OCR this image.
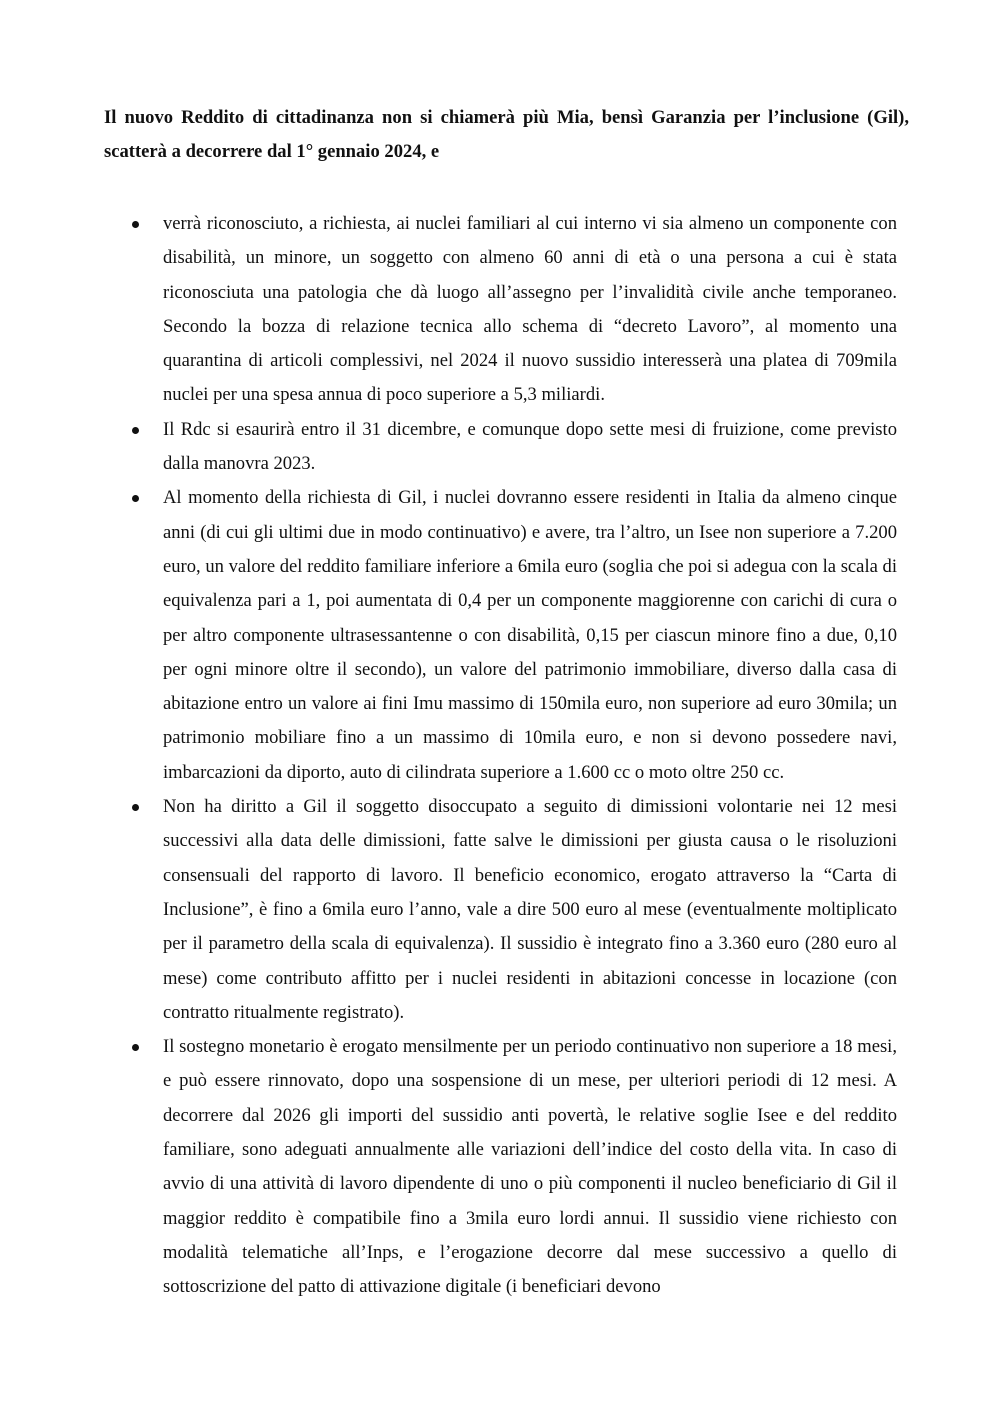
Il nuovo Reddito di cittadinanza non si chiamerà più Mia, bensì Garanzia per l’inclusione (Gil), scatterà a decorrere dal 1° gennaio 2024, e

verrà riconosciuto, a richiesta, ai nuclei familiari al cui interno vi sia almeno un componente con disabilità, un minore, un soggetto con almeno 60 anni di età o una persona a cui è stata riconosciuta una patologia che dà luogo all’assegno per l’invalidità civile anche temporaneo. Secondo la bozza di relazione tecnica allo schema di “decreto Lavoro”, al momento una quarantina di articoli complessivi, nel 2024 il nuovo sussidio interesserà una platea di 709mila nuclei per una spesa annua di poco superiore a 5,3 miliardi.
Il Rdc si esaurirà entro il 31 dicembre, e comunque dopo sette mesi di fruizione, come previsto dalla manovra 2023.
Al momento della richiesta di Gil, i nuclei dovranno essere residenti in Italia da almeno cinque anni (di cui gli ultimi due in modo continuativo) e avere, tra l’altro, un Isee non superiore a 7.200 euro, un valore del reddito familiare inferiore a 6mila euro (soglia che poi si adegua con la scala di equivalenza pari a 1, poi aumentata di 0,4 per un componente maggiorenne con carichi di cura o per altro componente ultrasessantenne o con disabilità, 0,15 per ciascun minore fino a due, 0,10 per ogni minore oltre il secondo), un valore del patrimonio immobiliare, diverso dalla casa di abitazione entro un valore ai fini Imu massimo di 150mila euro, non superiore ad euro 30mila; un patrimonio mobiliare fino a un massimo di 10mila euro, e non si devono possedere navi, imbarcazioni da diporto, auto di cilindrata superiore a 1.600 cc o moto oltre 250 cc.
Non ha diritto a Gil il soggetto disoccupato a seguito di dimissioni volontarie nei 12 mesi successivi alla data delle dimissioni, fatte salve le dimissioni per giusta causa o le risoluzioni consensuali del rapporto di lavoro. Il beneficio economico, erogato attraverso la “Carta di Inclusione”, è fino a 6mila euro l’anno, vale a dire 500 euro al mese (eventualmente moltiplicato per il parametro della scala di equivalenza). Il sussidio è integrato fino a 3.360 euro (280 euro al mese) come contributo affitto per i nuclei residenti in abitazioni concesse in locazione (con contratto ritualmente registrato).
Il sostegno monetario è erogato mensilmente per un periodo continuativo non superiore a 18 mesi, e può essere rinnovato, dopo una sospensione di un mese, per ulteriori periodi di 12 mesi. A decorrere dal 2026 gli importi del sussidio anti povertà, le relative soglie Isee e del reddito familiare, sono adeguati annualmente alle variazioni dell’indice del costo della vita. In caso di avvio di una attività di lavoro dipendente di uno o più componenti il nucleo beneficiario di Gil il maggior reddito è compatibile fino a 3mila euro lordi annui. Il sussidio viene richiesto con modalità telematiche all’Inps, e l’erogazione decorre dal mese successivo a quello di sottoscrizione del patto di attivazione digitale (i beneficiari devono
